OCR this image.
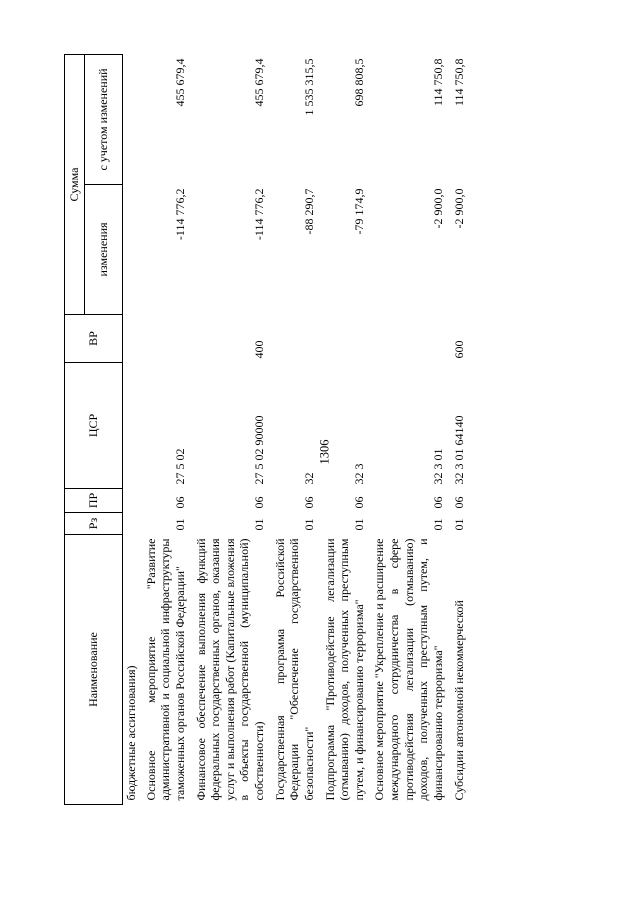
1306
Наименование	Рз	ПР	ЦСР	ВР	Сумма	
					изменения	с учетом изменений
бюджетные ассигнования)						
Основное мероприятие "Развитие административной и социальной инфраструктуры таможенных органов Российской Федерации"	01	06	27 5 02		-114 776,2	455 679,4
Финансовое обеспечение выполнения функций федеральных государственных органов, оказания услуг и выполнения работ (Капитальные вложения в объекты государственной (муниципальной) собственности)	01	06	27 5 02 90000	400	-114 776,2	455 679,4
Государственная программа Российской Федерации "Обеспечение государственной безопасности"	01	06	32		-88 290,7	1 535 315,5
Подпрограмма "Противодействие легализации (отмыванию) доходов, полученных преступным путем, и финансированию терроризма"	01	06	32 3		-79 174,9	698 808,5
Основное мероприятие "Укрепление и расширение международного сотрудничества в сфере противодействия легализации (отмыванию) доходов, полученных преступным путем, и финансированию терроризма"	01	06	32 3 01		-2 900,0	114 750,8
Субсидии автономной некоммерческой	01	06	32 3 01 64140	600	-2 900,0	114 750,8
